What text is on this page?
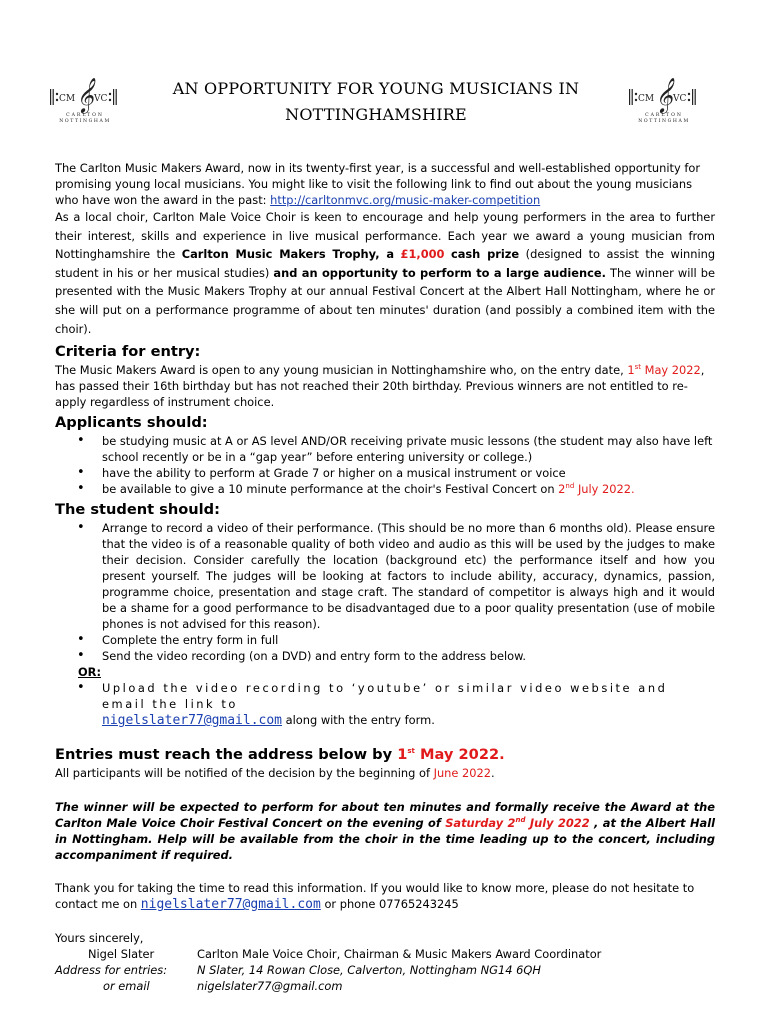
CM 𝄞 VC
CARLTON
NOTTINGHAM
CM 𝄞 VC
CARLTON
NOTTINGHAM
AN OPPORTUNITY FOR YOUNG MUSICIANS IN
NOTTINGHAMSHIRE

The Carlton Music Makers Award, now in its twenty-first year, is a successful and well-established opportunity for promising young local musicians. You might like to visit the following link to find out about the young musicians who have won the award in the past: http://carltonmvc.org/music-maker-competition

As a local choir, Carlton Male Voice Choir is keen to encourage and help young performers in the area to further their interest, skills and experience in live musical performance. Each year we award a young musician from Nottinghamshire the Carlton Music Makers Trophy, a £1,000 cash prize (designed to assist the winning student in his or her musical studies) and an opportunity to perform to a large audience. The winner will be presented with the Music Makers Trophy at our annual Festival Concert at the Albert Hall Nottingham, where he or she will put on a performance programme of about ten minutes' duration (and possibly a combined item with the choir).

Criteria for entry:

The Music Makers Award is open to any young musician in Nottinghamshire who, on the entry date, 1st May 2022, has passed their 16th birthday but has not reached their 20th birthday. Previous winners are not entitled to re-apply regardless of instrument choice.

Applicants should:
• be studying music at A or AS level AND/OR receiving private music lessons (the student may also have left school recently or be in a “gap year” before entering university or college.)
• have the ability to perform at Grade 7 or higher on a musical instrument or voice
• be available to give a 10 minute performance at the choir's Festival Concert on 2nd July 2022.
The student should:
• Arrange to record a video of their performance. (This should be no more than 6 months old). Please ensure that the video is of a reasonable quality of both video and audio as this will be used by the judges to make their decision. Consider carefully the location (background etc) the performance itself and how you present yourself. The judges will be looking at factors to include ability, accuracy, dynamics, passion, programme choice, presentation and stage craft. The standard of competitor is always high and it would be a shame for a good performance to be disadvantaged due to a poor quality presentation (use of mobile phones is not advised for this reason).
• Complete the entry form in full
• Send the video recording (on a DVD) and entry form to the address below.

OR:

• Upload the video recording to ‘youtube’ or similar video website and email the link to
nigelslater77@gmail.com along with the entry form.
Entries must reach the address below by 1st May 2022.

All participants will be notified of the decision by the beginning of June 2022.

The winner will be expected to perform for about ten minutes and formally receive the Award at the Carlton Male Voice Choir Festival Concert on the evening of Saturday 2nd July 2022 , at the Albert Hall in Nottingham. Help will be available from the choir in the time leading up to the concert, including accompaniment if required.

Thank you for taking the time to read this information. If you would like to know more, please do not hesitate to contact me on nigelslater77@gmail.com or phone 07765243245

Yours sincerely,

Nigel Slater	Carlton Male Voice Choir, Chairman & Music Makers Award Coordinator
Address for entries:	N Slater, 14 Rowan Close, Calverton, Nottingham NG14 6QH
or email	nigelslater77@gmail.com
